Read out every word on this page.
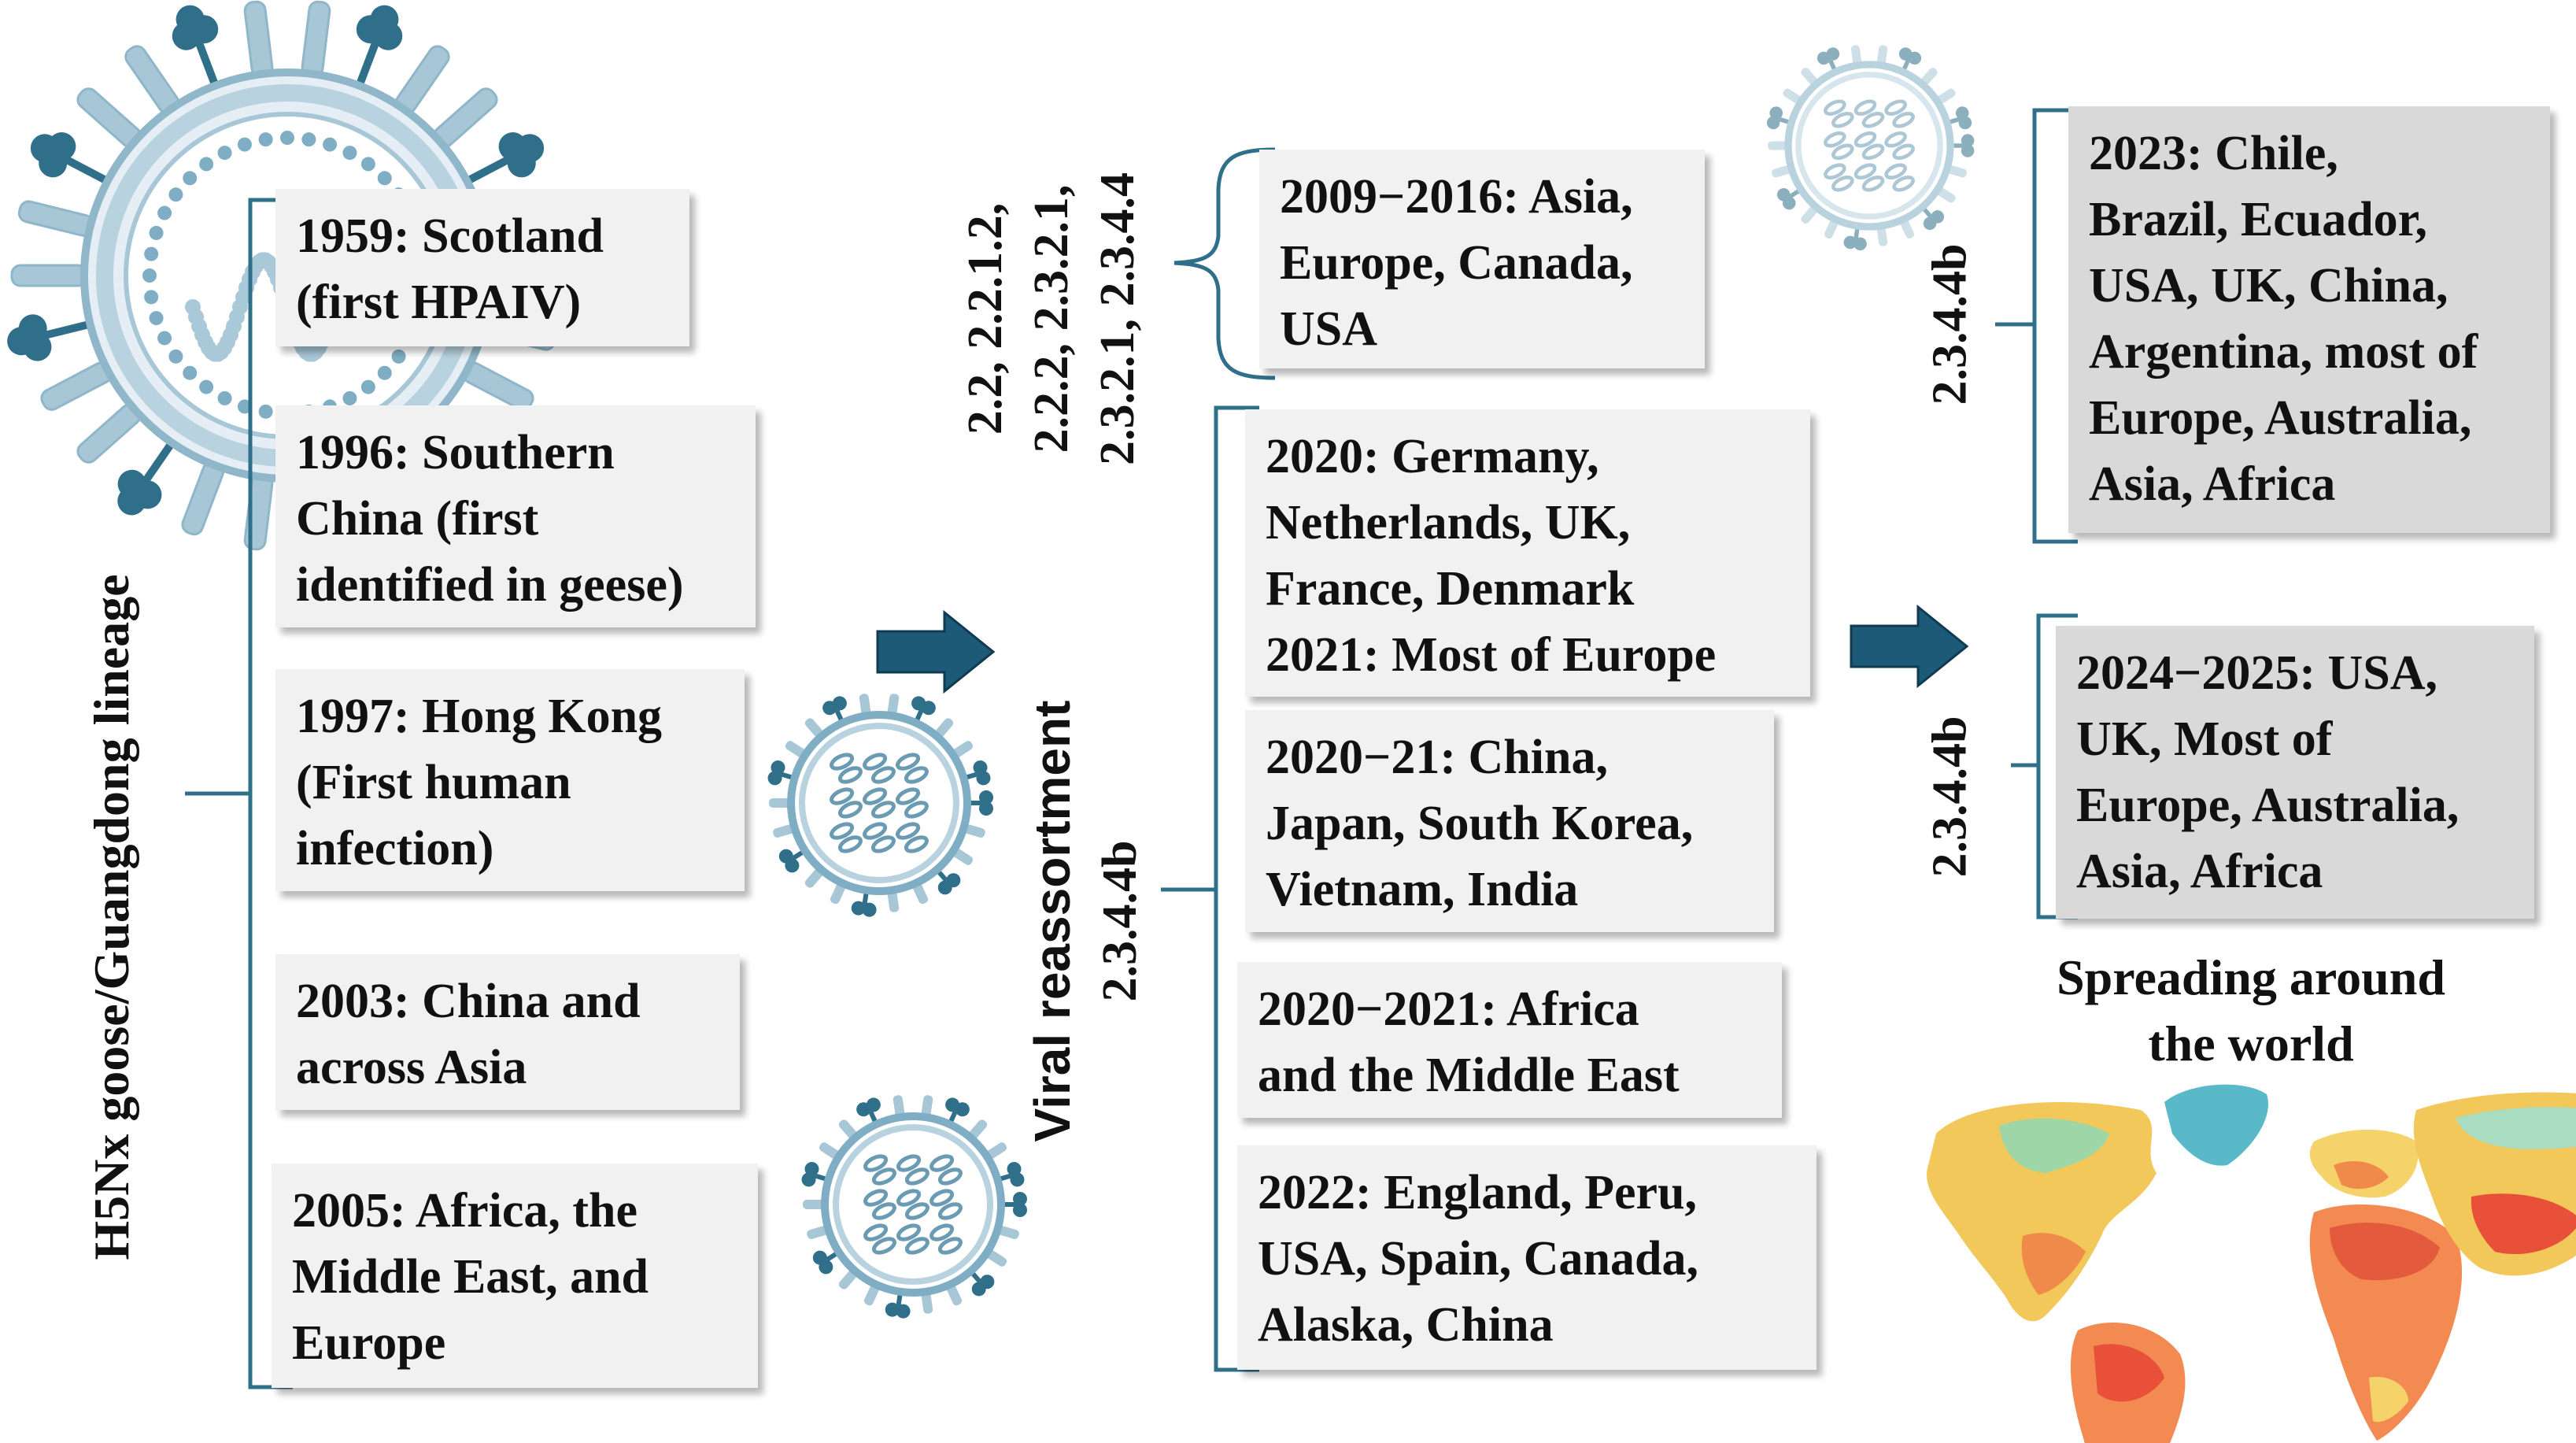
1959: Scotland
(first HPAIV)
1996: Southern
China (first
identified in geese)
1997: Hong Kong
(First human
infection)
2003: China and
across Asia
2005: Africa, the
Middle East, and
Europe
H5Nx goose/Guangdong lineage
2.2, 2.2.1.2, 2.2.2, 2.3.2.1, 2.3.2.1, 2.3.4.4	2009−2016: Asia,
Europe, Canada,
USA
Viral reassortment 2.3.4.4b
2020: Germany,
Netherlands, UK,
France, Denmark
2021: Most of Europe
2020−21: China,
Japan, South Korea,
Vietnam, India
2020−2021: Africa
and the Middle East
2022: England, Peru,
USA, Spain, Canada,
Alaska, China
2.3.4.4b
2023: Chile,
Brazil, Ecuador,
USA, UK, China,
Argentina, most of
Europe, Australia,
Asia, Africa
2.3.4.4b
2024−2025: USA,
UK, Most of
Europe, Australia,
Asia, Africa
Spreading around
the world
